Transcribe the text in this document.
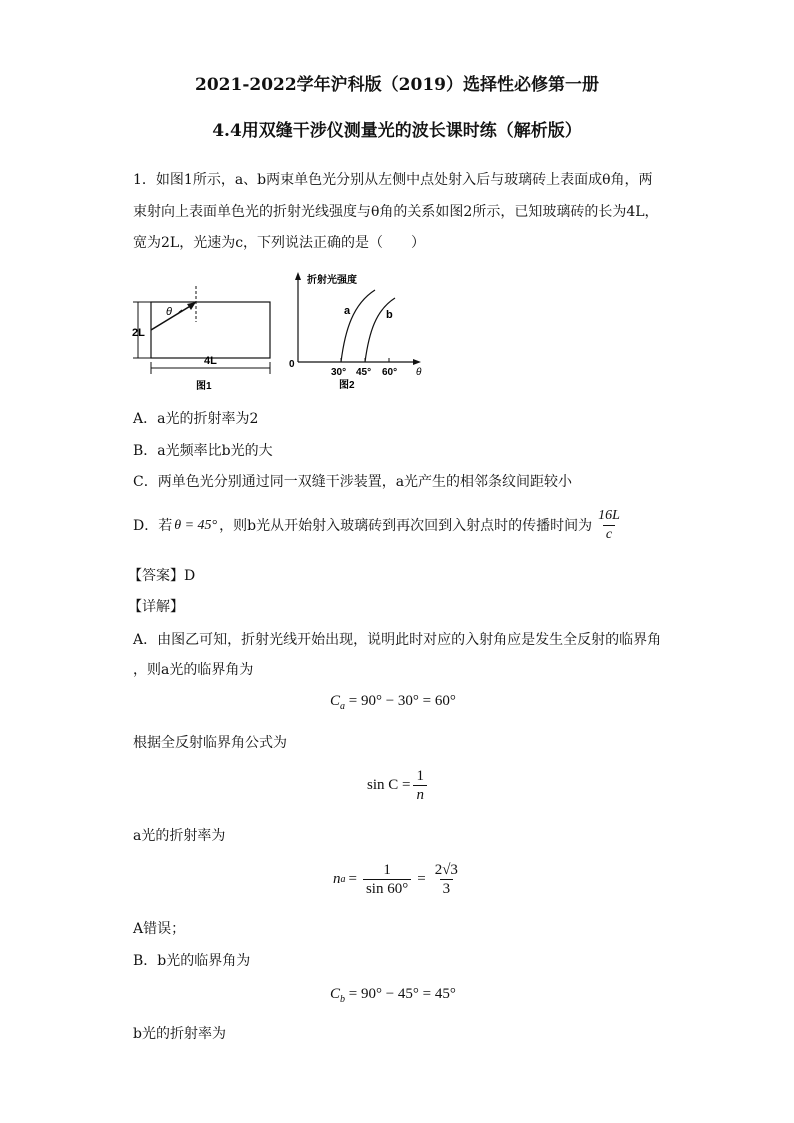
2021-2022学年沪科版（2019）选择性必修第一册
4.4用双缝干涉仪测量光的波长课时练（解析版）
1．如图1所示，a、b两束单色光分别从左侧中点处射入后与玻璃砖上表面成θ角，两
束射向上表面单色光的折射光线强度与θ角的关系如图2所示，已知玻璃砖的长为4L，
宽为2L，光速为c，下列说法正确的是（　　）
θ
2L
4L
图1
折射光强度
0
θ
a	b
30° 45° 60°
图2
A．a光的折射率为2
B．a光频率比b光的大
C．两单色光分别通过同一双缝干涉装置，a光产生的相邻条纹间距较小
D．若 θ = 45° ，则b光从开始射入玻璃砖到再次回到入射点时的传播时间为 $\frac{16L}{c}$
【答案】D
【详解】
A．由图乙可知，折射光线开始出现，说明此时对应的入射角应是发生全反射的临界角
，则a光的临界角为
$C_a = 90^\circ - 30^\circ = 60^\circ$
根据全反射临界角公式为
$\sin C = \frac{1}{n}$
a光的折射率为
n $a = \frac{1}{\sin 60^\circ} = \frac{2√3}{3}$
A错误；
B．b光的临界角为
$C_b = 90^\circ - 45^\circ = 45^\circ$
b光的折射率为
